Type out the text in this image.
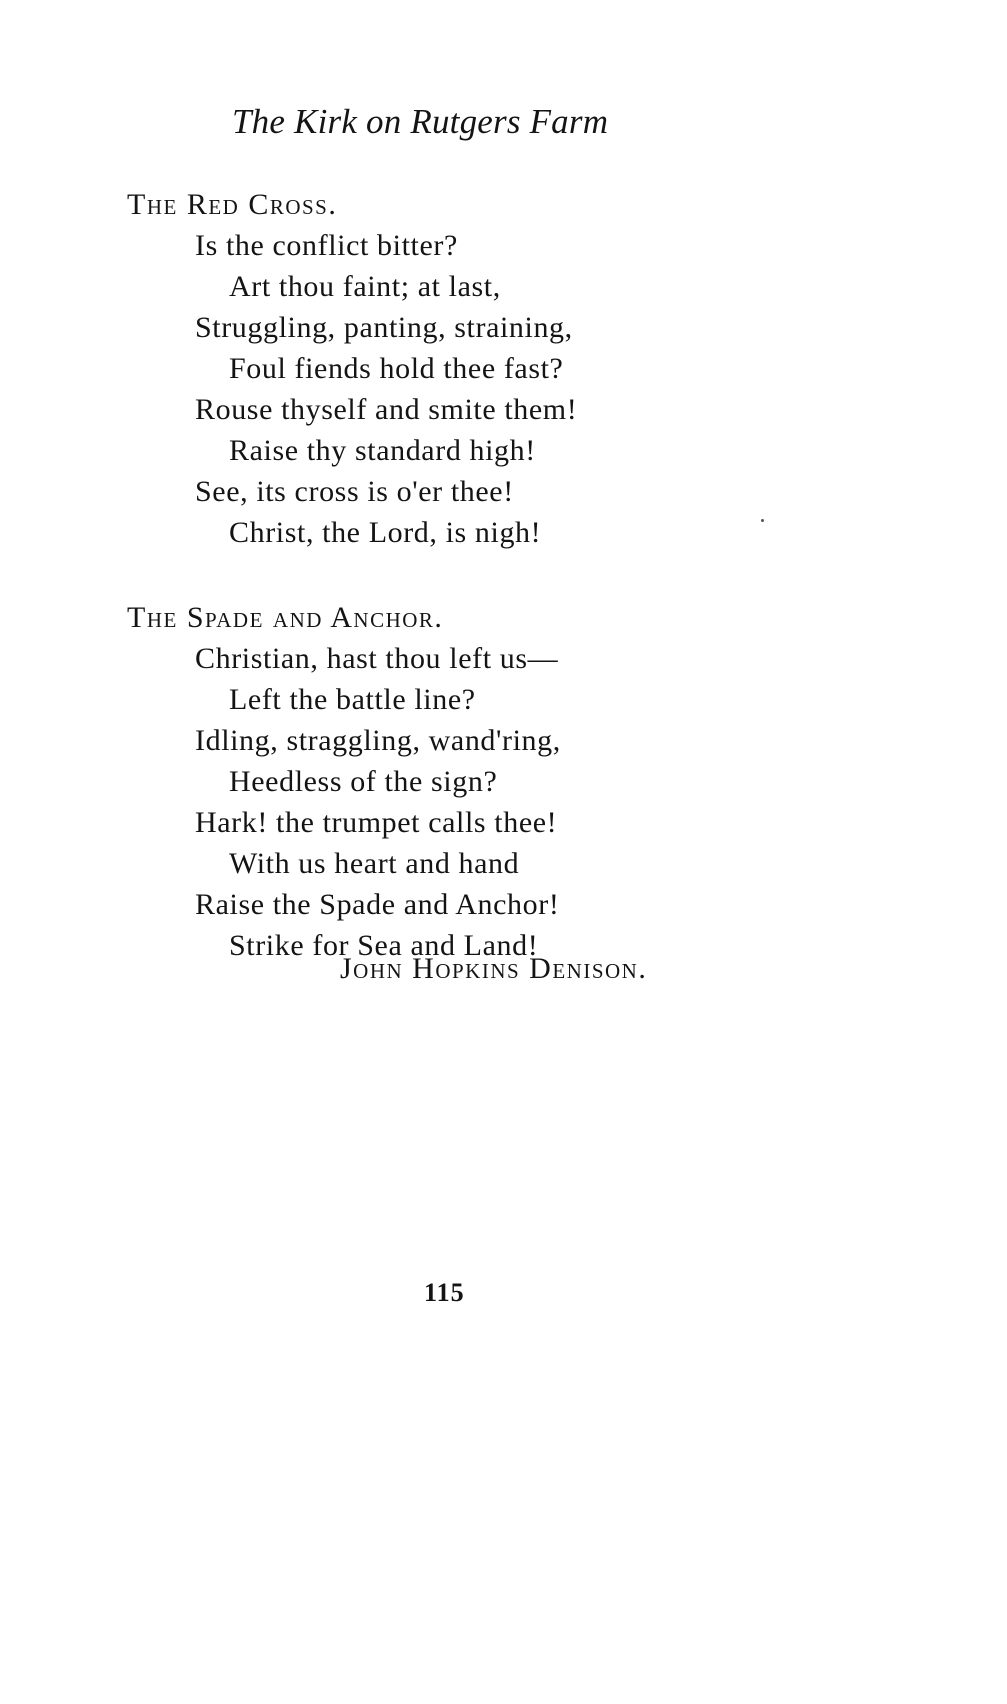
The Kirk on Rutgers Farm
The Red Cross.
Is the conflict bitter?
Art thou faint; at last,
Struggling, panting, straining,
Foul fiends hold thee fast?
Rouse thyself and smite them!
Raise thy standard high!
See, its cross is o'er thee!
Christ, the Lord, is nigh!
The Spade and Anchor.
Christian, hast thou left us—
Left the battle line?
Idling, straggling, wand'ring,
Heedless of the sign?
Hark! the trumpet calls thee!
With us heart and hand
Raise the Spade and Anchor!
Strike for Sea and Land!
John Hopkins Denison.
115
